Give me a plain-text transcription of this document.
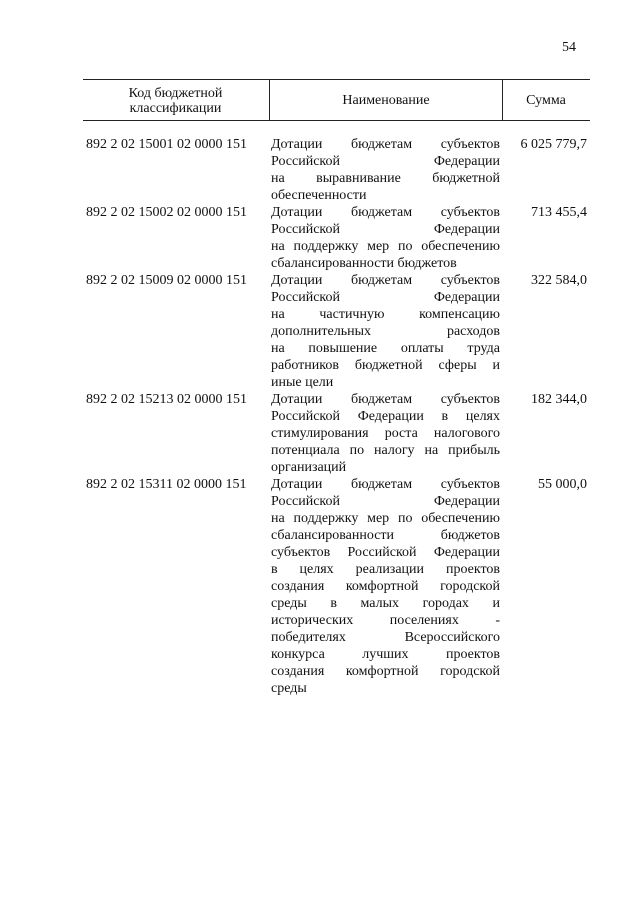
54
Код бюджетной классификации
Наименование	Сумма
892 2 02 15001 02 0000 151 Дотации бюджетам субъектов
Российской Федерации
на выравнивание бюджетной
обеспеченности
6 025 779,7
892 2 02 15002 02 0000 151 Дотации бюджетам субъектов
Российской Федерации
на поддержку мер по обеспечению
сбалансированности бюджетов
713 455,4
892 2 02 15009 02 0000 151 Дотации бюджетам субъектов
Российской Федерации
на частичную компенсацию
дополнительных расходов
на повышение оплаты труда
работников бюджетной сферы и
иные цели
322 584,0
892 2 02 15213 02 0000 151 Дотации бюджетам субъектов
Российской Федерации в целях
стимулирования роста налогового
потенциала по налогу на прибыль
организаций
182 344,0
892 2 02 15311 02 0000 151 Дотации бюджетам субъектов
Российской Федерации
на поддержку мер по обеспечению
сбалансированности бюджетов
субъектов Российской Федерации
в целях реализации проектов
создания комфортной городской
среды в малых городах и
исторических поселениях -
победителях Всероссийского
конкурса лучших проектов
создания комфортной городской
среды
55 000,0
